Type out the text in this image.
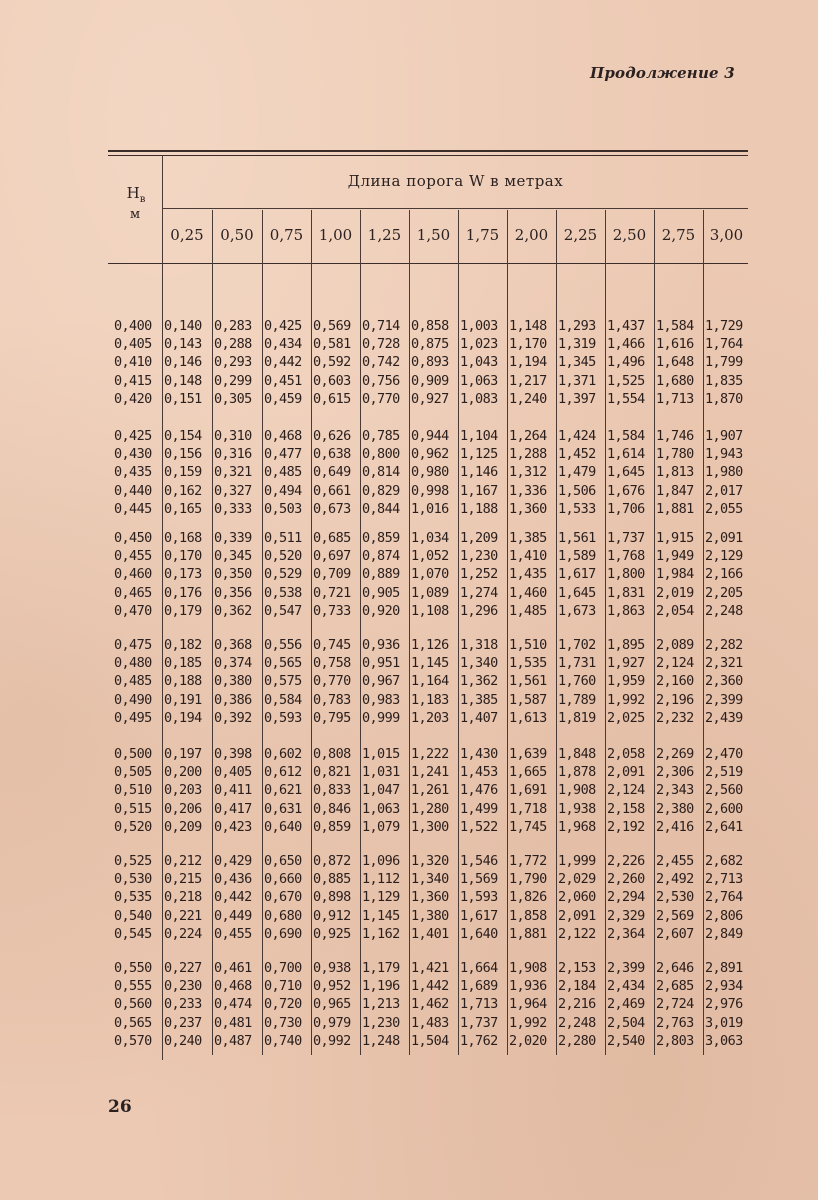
Продолжение 3
$H_в$
м
Длина порога W в метрах
0,25	0,50	0,75	1,00	1,25	1,50	1,75	2,00	2,25	2,50	2,75 3,00
0,400 0,140 0,283 0,425 0,569 0,714 0,858 1,003 1,148 1,293 1,437 1,584 1,729
0,405 0,143 0,288 0,434 0,581 0,728 0,875 1,023 1,170 1,319 1,466 1,616 1,764
0,410 0,146 0,293 0,442 0,592 0,742 0,893 1,043 1,194 1,345 1,496 1,648 1,799
0,415 0,148 0,299 0,451 0,603 0,756 0,909 1,063 1,217 1,371 1,525 1,680 1,835
0,420 0,151 0,305 0,459 0,615 0,770 0,927 1,083 1,240 1,397 1,554 1,713 1,870
0,425 0,154 0,310 0,468 0,626 0,785 0,944 1,104 1,264 1,424 1,584 1,746 1,907
0,430 0,156 0,316 0,477 0,638 0,800 0,962 1,125 1,288 1,452 1,614 1,780 1,943
0,435 0,159 0,321 0,485 0,649 0,814 0,980 1,146 1,312 1,479 1,645 1,813 1,980
0,440 0,162 0,327 0,494 0,661 0,829 0,998 1,167 1,336 1,506 1,676 1,847 2,017
0,445 0,165 0,333 0,503 0,673 0,844 1,016 1,188 1,360 1,533 1,706 1,881 2,055
0,450 0,168 0,339 0,511 0,685 0,859 1,034 1,209 1,385 1,561 1,737 1,915 2,091
0,455 0,170 0,345 0,520 0,697 0,874 1,052 1,230 1,410 1,589 1,768 1,949 2,129
0,460 0,173 0,350 0,529 0,709 0,889 1,070 1,252 1,435 1,617 1,800 1,984 2,166
0,465 0,176 0,356 0,538 0,721 0,905 1,089 1,274 1,460 1,645 1,831 2,019 2,205
0,470 0,179 0,362 0,547 0,733 0,920 1,108 1,296 1,485 1,673 1,863 2,054 2,248
0,475 0,182 0,368 0,556 0,745 0,936 1,126 1,318 1,510 1,702 1,895 2,089 2,282
0,480 0,185 0,374 0,565 0,758 0,951 1,145 1,340 1,535 1,731 1,927 2,124 2,321
0,485 0,188 0,380 0,575 0,770 0,967 1,164 1,362 1,561 1,760 1,959 2,160 2,360
0,490 0,191 0,386 0,584 0,783 0,983 1,183 1,385 1,587 1,789 1,992 2,196 2,399
0,495 0,194 0,392 0,593 0,795 0,999 1,203 1,407 1,613 1,819 2,025 2,232 2,439
0,500 0,197 0,398 0,602 0,808 1,015 1,222 1,430 1,639 1,848 2,058 2,269 2,470
0,505 0,200 0,405 0,612 0,821 1,031 1,241 1,453 1,665 1,878 2,091 2,306 2,519
0,510 0,203 0,411 0,621 0,833 1,047 1,261 1,476 1,691 1,908 2,124 2,343 2,560
0,515 0,206 0,417 0,631 0,846 1,063 1,280 1,499 1,718 1,938 2,158 2,380 2,600
0,520 0,209 0,423 0,640 0,859 1,079 1,300 1,522 1,745 1,968 2,192 2,416 2,641
0,525 0,212 0,429 0,650 0,872 1,096 1,320 1,546 1,772 1,999 2,226 2,455 2,682
0,530 0,215 0,436 0,660 0,885 1,112 1,340 1,569 1,790 2,029 2,260 2,492 2,713
0,535 0,218 0,442 0,670 0,898 1,129 1,360 1,593 1,826 2,060 2,294 2,530 2,764
0,540 0,221 0,449 0,680 0,912 1,145 1,380 1,617 1,858 2,091 2,329 2,569 2,806
0,545 0,224 0,455 0,690 0,925 1,162 1,401 1,640 1,881 2,122 2,364 2,607 2,849
0,550 0,227 0,461 0,700 0,938 1,179 1,421 1,664 1,908 2,153 2,399 2,646 2,891
0,555 0,230 0,468 0,710 0,952 1,196 1,442 1,689 1,936 2,184 2,434 2,685 2,934
0,560 0,233 0,474 0,720 0,965 1,213 1,462 1,713 1,964 2,216 2,469 2,724 2,976
0,565 0,237 0,481 0,730 0,979 1,230 1,483 1,737 1,992 2,248 2,504 2,763 3,019
0,570 0,240 0,487 0,740 0,992 1,248 1,504 1,762 2,020 2,280 2,540 2,803 3,063
26
